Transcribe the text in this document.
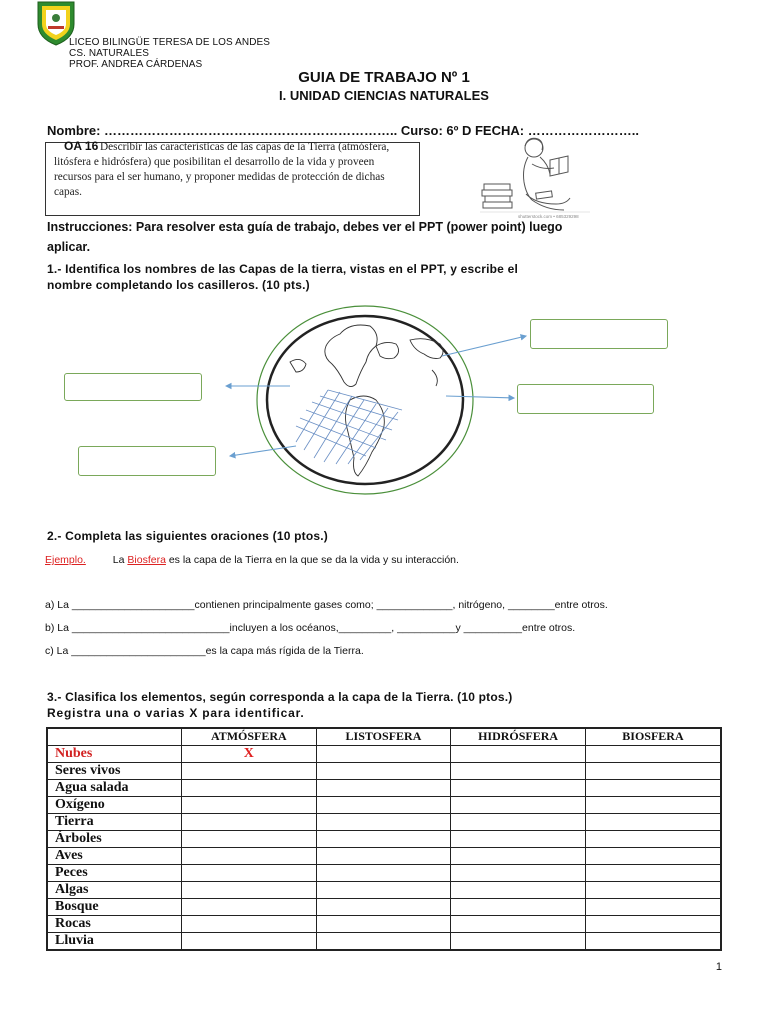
LICEO BILINGÜE TERESA DE LOS ANDES
CS. NATURALES
PROF. ANDREA CÁRDENAS
GUIA DE TRABAJO Nº 1
I. UNIDAD CIENCIAS NATURALES
Nombre: ………………………………………………………….. Curso: 6º D FECHA: ……………………..
OA 16 Describir las características de las capas de la Tierra (atmósfera, litósfera e hidrósfera) que posibilitan el desarrollo de la vida y proveen recursos para el ser humano, y proponer medidas de protección de dichas capas.
shutterstock.com • 685329298
Instrucciones: Para resolver esta guía de trabajo, debes ver el PPT (power point) luego
aplicar.
1.- Identifica los nombres de las Capas de la tierra, vistas en el PPT, y escribe el
nombre completando los casilleros. (10 pts.)
2.- Completa las siguientes oraciones (10 ptos.)
Ejemplo.	La Biosfera es la capa de la Tierra en la que se da la vida y su interacción.
a) La _____________________contienen principalmente gases como; _____________, nitrógeno, ________entre otros.
b) La ___________________________incluyen a los océanos,_________, __________y __________entre otros.
c) La _______________________es la capa más rígida de la Tierra.
3.- Clasifica los elementos, según corresponda a la capa de la Tierra. (10 ptos.)
Registra una o varias X para identificar.
	ATMÓSFERA	LISTOSFERA	HIDRÓSFERA	BIOSFERA
Nubes	X			
Seres vivos				
Agua salada				
Oxígeno				
Tierra				
Árboles				
Aves				
Peces				
Algas				
Bosque				
Rocas				
Lluvia				
1
